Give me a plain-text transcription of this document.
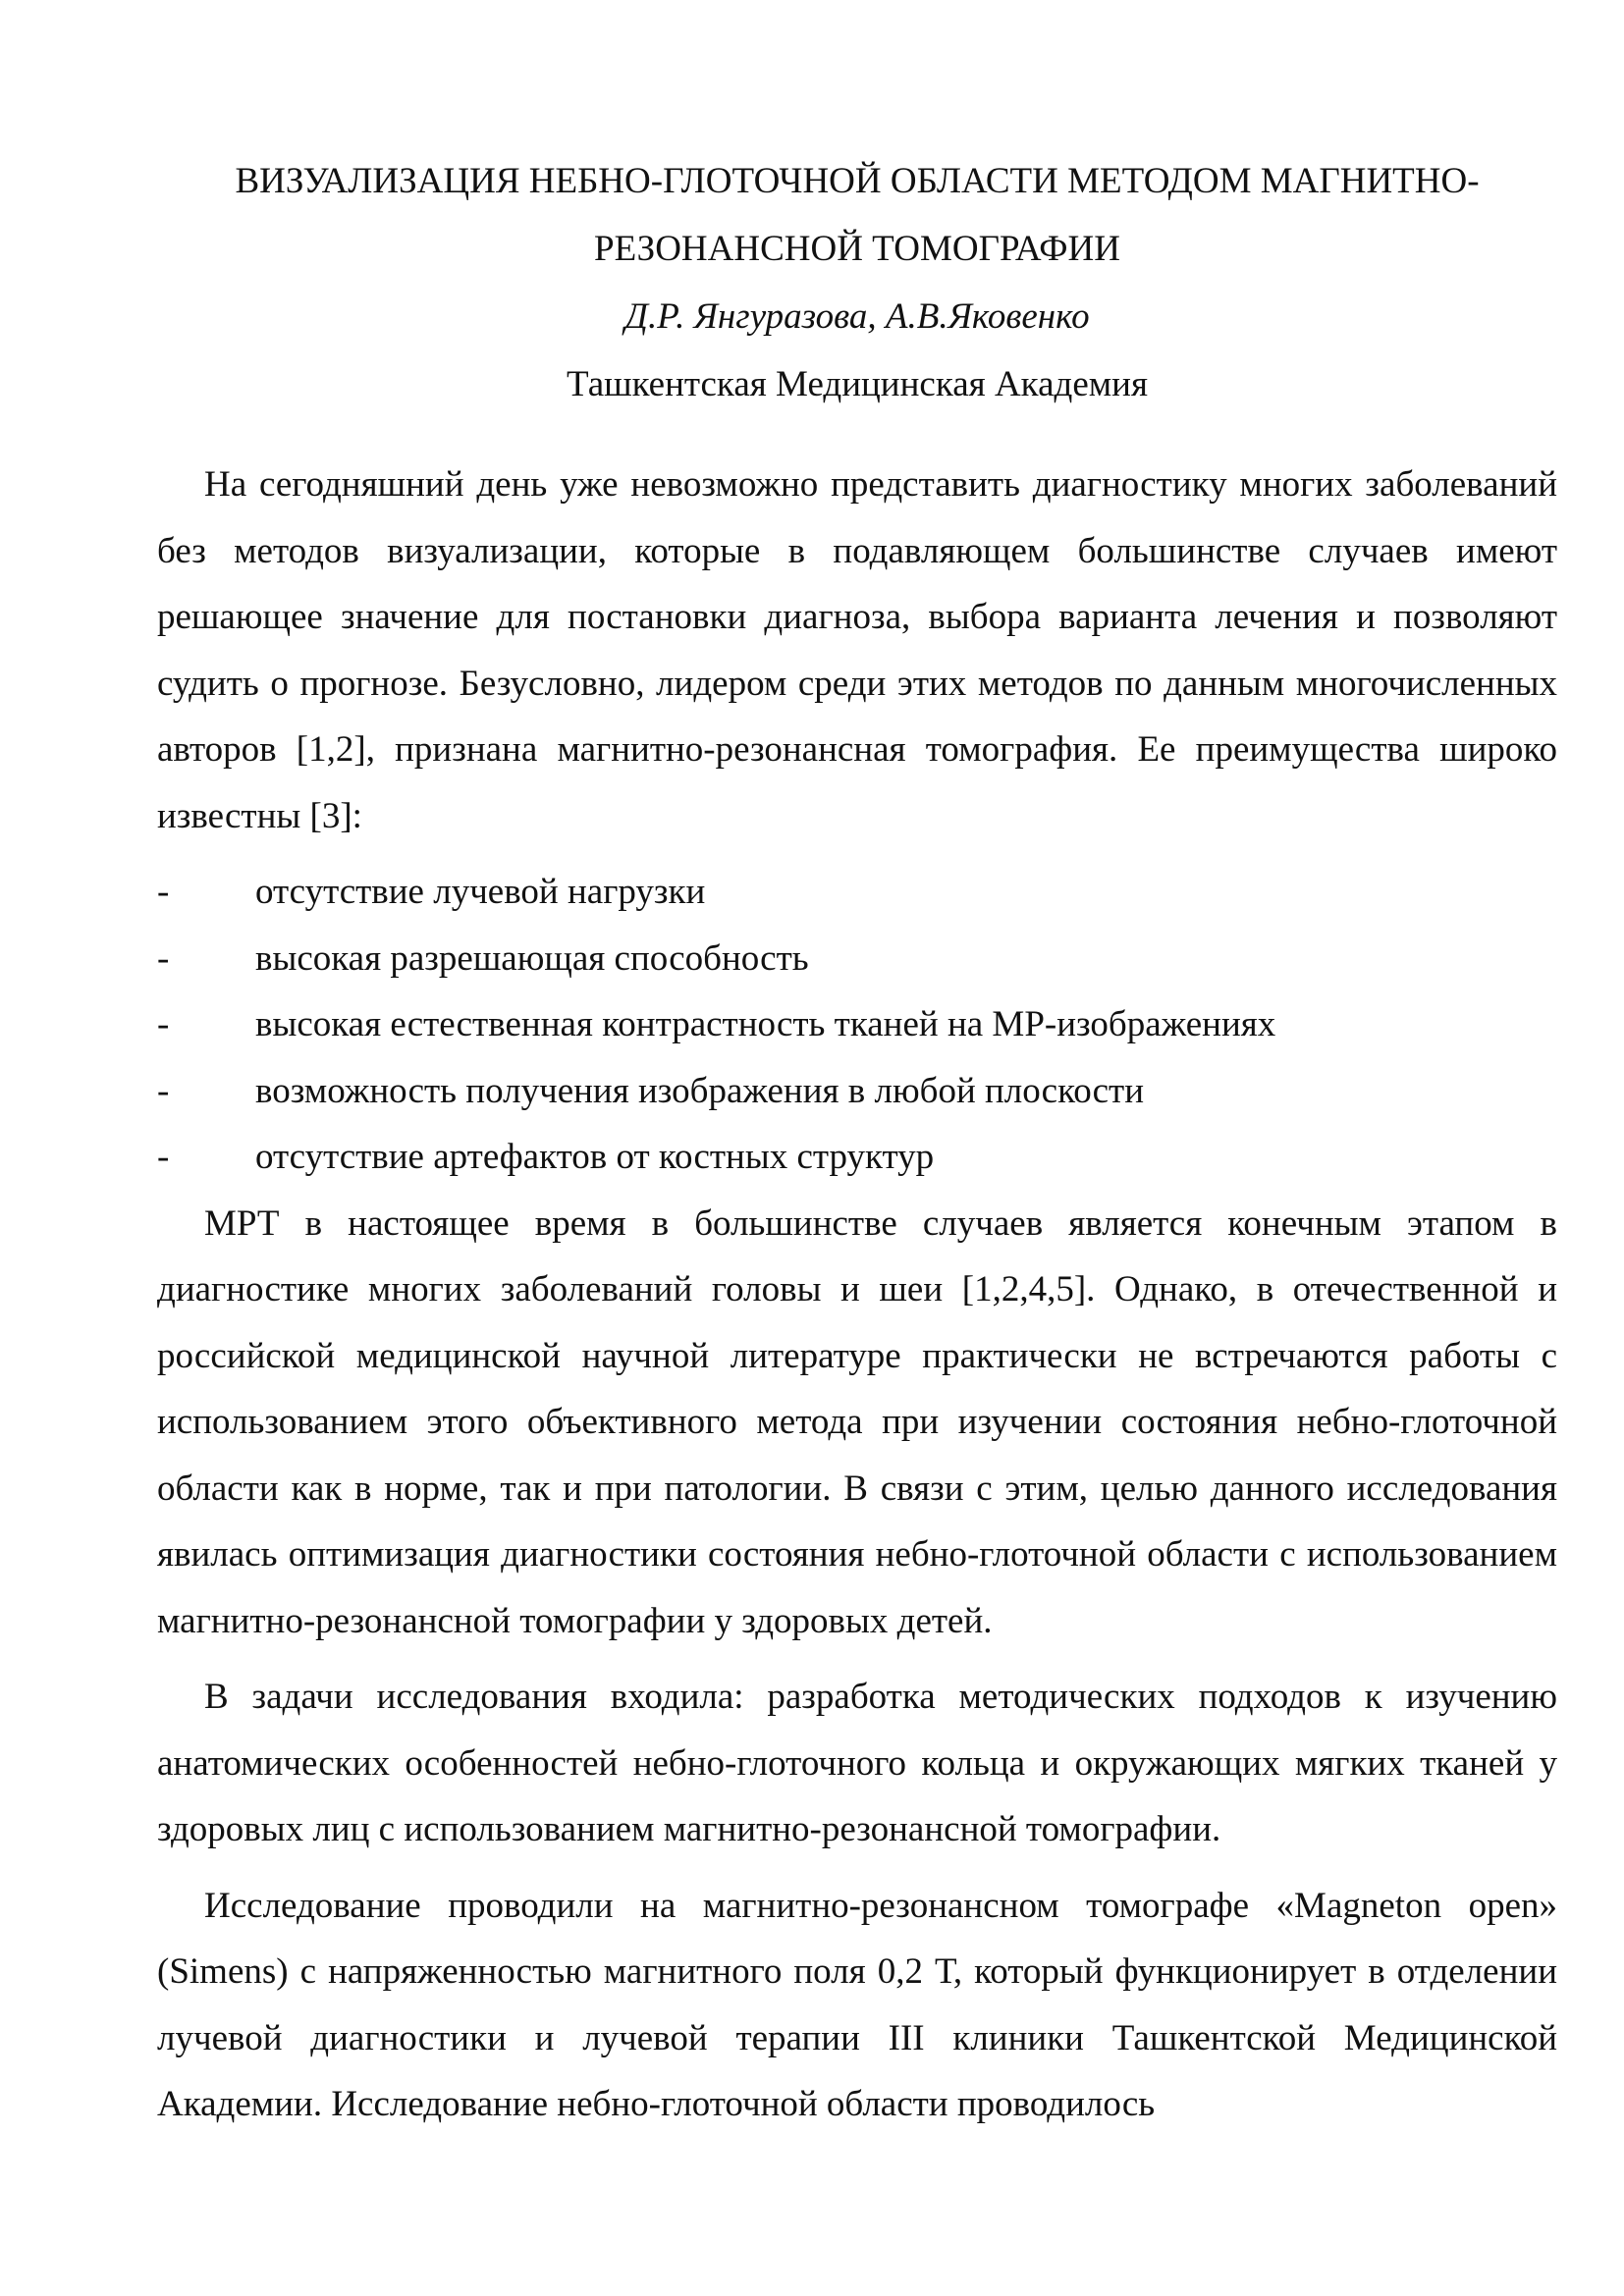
ВИЗУАЛИЗАЦИЯ НЕБНО-ГЛОТОЧНОЙ ОБЛАСТИ МЕТОДОМ МАГНИТНО-
РЕЗОНАНСНОЙ ТОМОГРАФИИ
Д.Р. Янгуразова, А.В.Яковенко
Ташкентская Медицинская Академия

На сегодняшний день уже невозможно представить диагностику многих заболеваний без методов визуализации, которые в подавляющем большинстве случаев имеют решающее значение для постановки диагноза, выбора варианта лечения и позволяют судить о прогнозе. Безусловно, лидером среди этих методов по данным многочисленных авторов [1,2], признана магнитно-резонансная томография. Ее преимущества широко известны [3]:

- отсутствие лучевой нагрузки
- высокая разрешающая способность
- высокая естественная контрастность тканей на МР-изображениях
- возможность получения изображения в любой плоскости
- отсутствие артефактов от костных структур

МРТ в настоящее время в большинстве случаев является конечным этапом в диагностике многих заболеваний головы и шеи [1,2,4,5]. Однако, в отечественной и российской медицинской научной литературе практически не встречаются работы с использованием этого объективного метода при изучении состояния небно-глоточной области как в норме, так и при патологии. В связи с этим, целью данного исследования явилась оптимизация диагностики состояния небно-глоточной области с использованием магнитно-резонансной томографии у здоровых детей.

В задачи исследования входила: разработка методических подходов к изучению анатомических особенностей небно-глоточного кольца и окружающих мягких тканей у здоровых лиц с использованием магнитно-резонансной томографии.

Исследование проводили на магнитно-резонансном томографе «Magneton open» (Simens) с напряженностью магнитного поля 0,2 Т, который функционирует в отделении лучевой диагностики и лучевой терапии III клиники Ташкентской Медицинской Академии. Исследование небно-глоточной области проводилось
